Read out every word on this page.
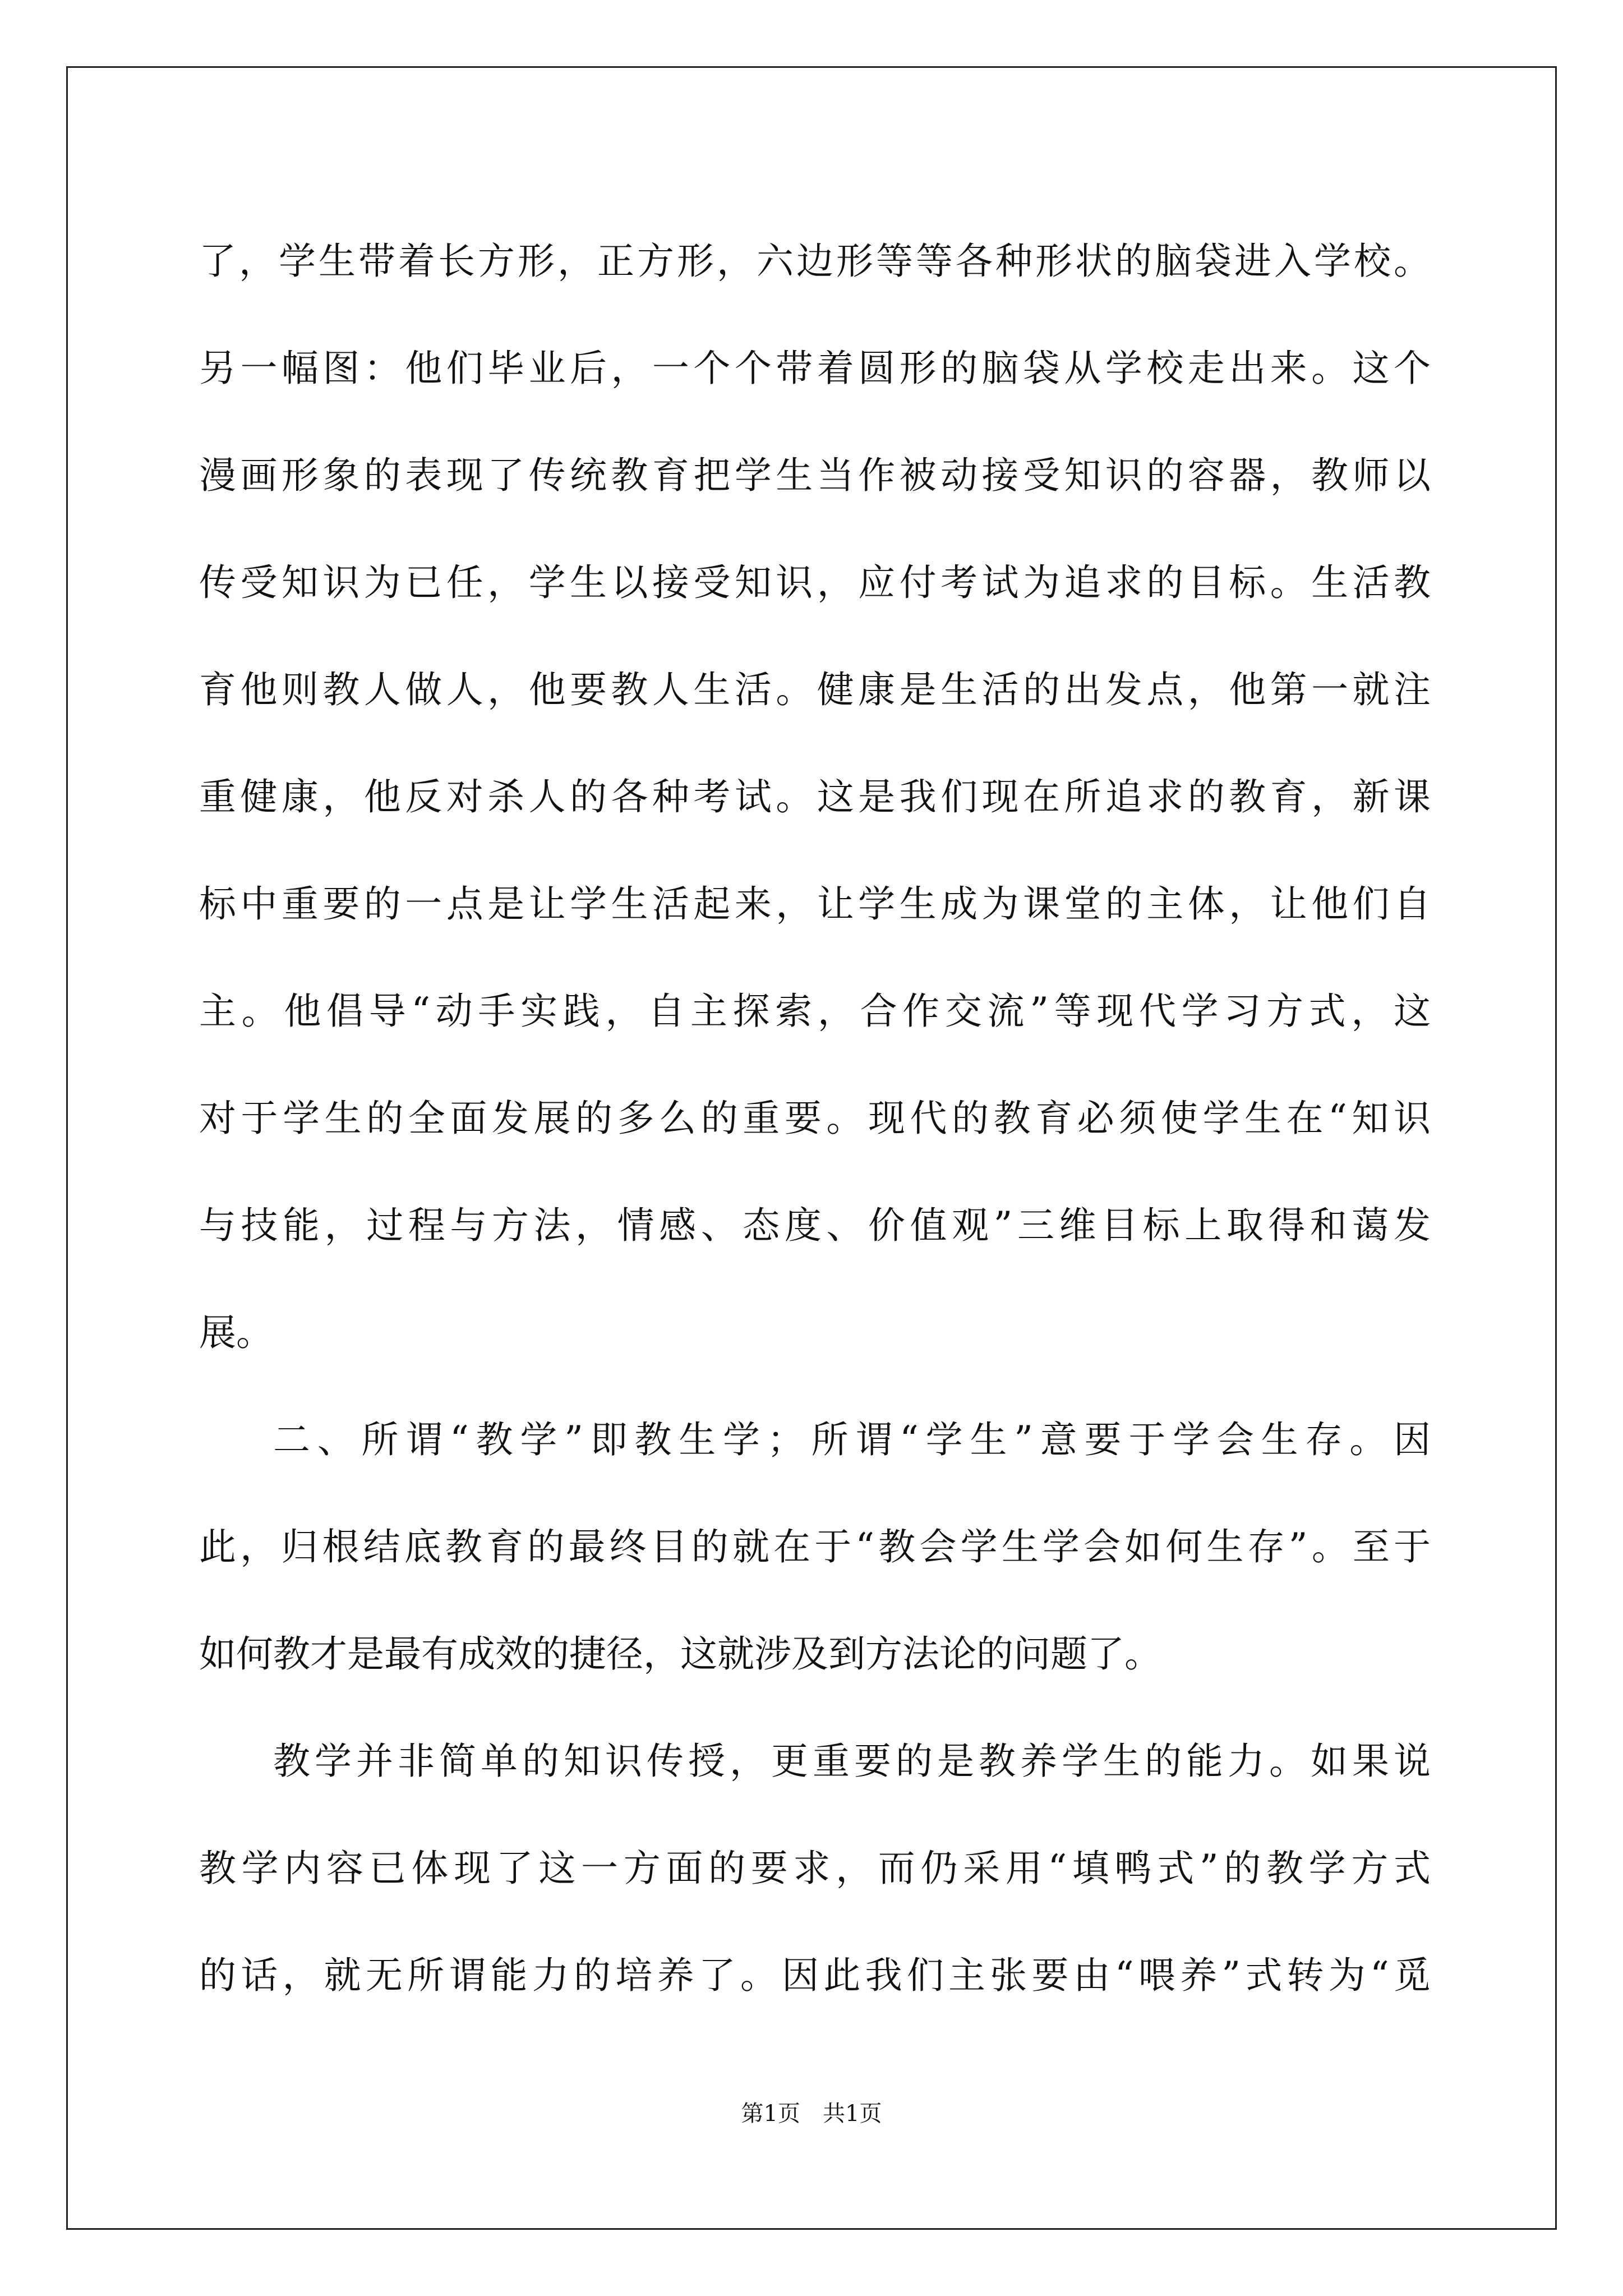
了，学生带着长方形，正方形，六边形等等各种形状的脑袋进入学校。
另一幅图：他们毕业后，一个个带着圆形的脑袋从学校走出来。这个
漫画形象的表现了传统教育把学生当作被动接受知识的容器，教师以
传受知识为已任，学生以接受知识，应付考试为追求的目标。生活教
育他则教人做人，他要教人生活。健康是生活的出发点，他第一就注
重健康，他反对杀人的各种考试。这是我们现在所追求的教育，新课
标中重要的一点是让学生活起来，让学生成为课堂的主体，让他们自
主。他倡导“动手实践，自主探索，合作交流”等现代学习方式，这
对于学生的全面发展的多么的重要。现代的教育必须使学生在“知识
与技能，过程与方法，情感、态度、价值观”三维目标上取得和蔼发
展。
二、所谓“教学”即教生学；所谓“学生”意要于学会生存。因
此，归根结底教育的最终目的就在于“教会学生学会如何生存”。至于
如何教才是最有成效的捷径，这就涉及到方法论的问题了。
教学并非简单的知识传授，更重要的是教养学生的能力。如果说
教学内容已体现了这一方面的要求，而仍采用“填鸭式”的教学方式
的话，就无所谓能力的培养了。因此我们主张要由“喂养”式转为“觅
第1页　共1页
